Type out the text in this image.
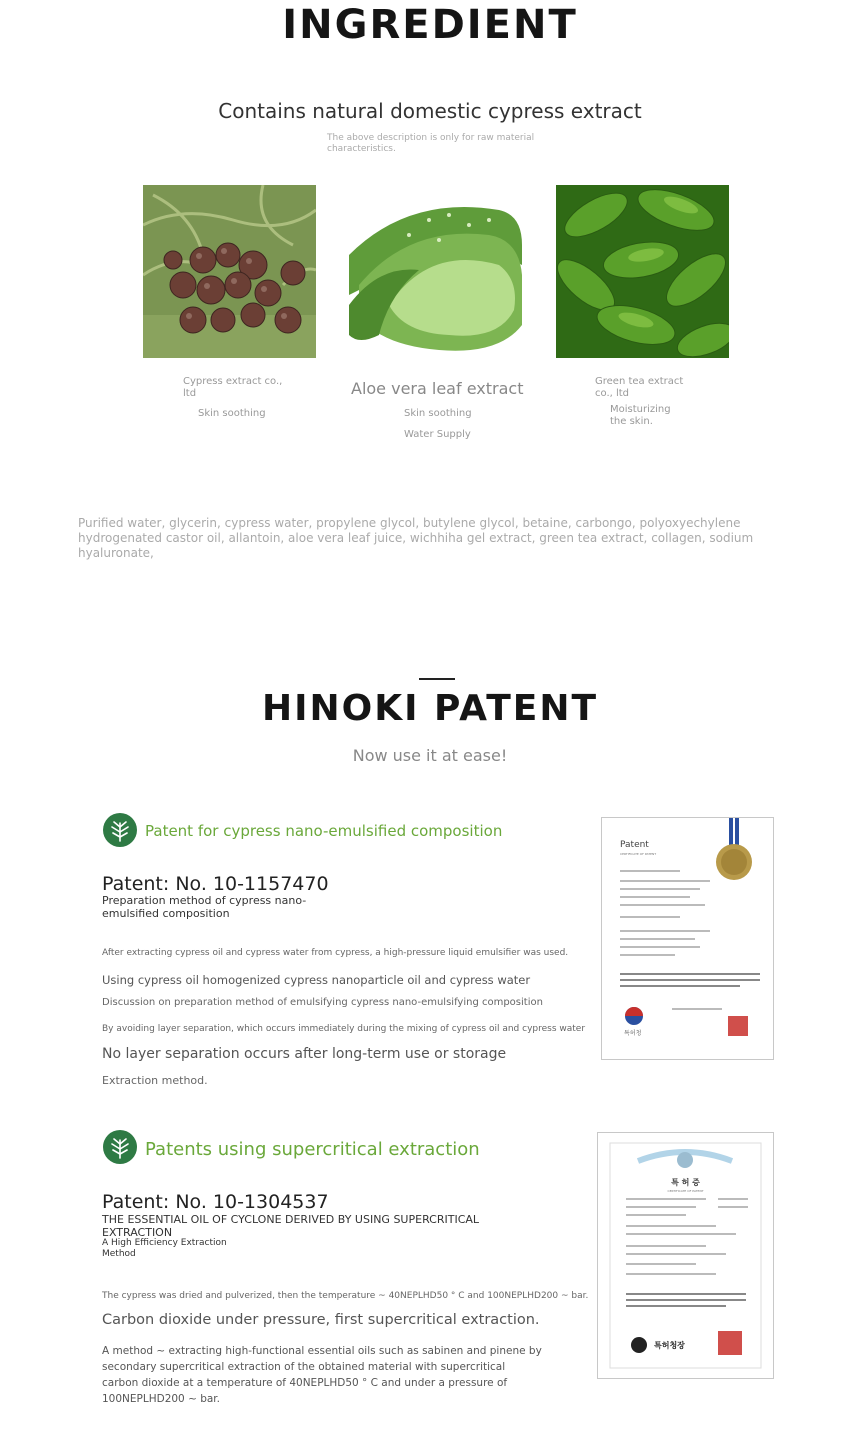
INGREDIENT
Contains natural domestic cypress extract
The above description is only for raw material characteristics.
Cypress extract co.,
ltd
Skin soothing
Aloe vera leaf extract
Skin soothing
Water Supply
Green tea extract
co., ltd
Moisturizing
the skin.
Purified water, glycerin, cypress water, propylene glycol, butylene glycol, betaine, carbongo, polyoxyechylene hydrogenated castor oil, allantoin, aloe vera leaf juice, wichhiha gel extract, green tea extract, collagen, sodium hyaluronate,
HINOKI PATENT
Now use it at ease!
Patent for cypress nano-emulsified composition
Patent: No. 10-1157470
Preparation method of cypress nano-emulsified composition
After extracting cypress oil and cypress water from cypress, a high-pressure liquid emulsifier was used.
Using cypress oil homogenized cypress nanoparticle oil and cypress water
Discussion on preparation method of emulsifying cypress nano-emulsifying composition
By avoiding layer separation, which occurs immediately during the mixing of cypress oil and cypress water
No layer separation occurs after long-term use or storage
Extraction method.
Patent
CERTIFICATE OF PATENT
특허청
Patents using supercritical extraction
Patent: No. 10-1304537
THE ESSENTIAL OIL OF CYCLONE DERIVED BY USING SUPERCRITICAL EXTRACTION
A High Efficiency Extraction Method
The cypress was dried and pulverized, then the temperature ~ 40NEPLHD50 ° C and 100NEPLHD200 ~ bar.
Carbon dioxide under pressure, first supercritical extraction.
A method ~ extracting high-functional essential oils such as sabinen and pinene by secondary supercritical extraction of the obtained material with supercritical carbon dioxide at a temperature of 40NEPLHD50 ° C and under a pressure of 100NEPLHD200 ~ bar.
특 허 증
CERTIFICATE OF PATENT
특허청장
